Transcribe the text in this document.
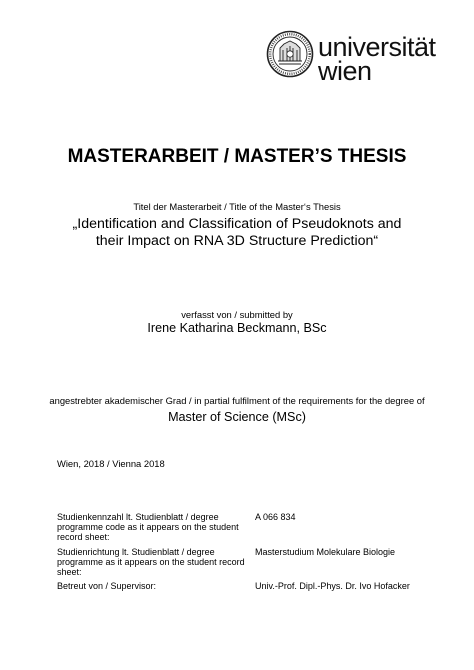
universität
wien
MASTERARBEIT / MASTER’S THESIS
Titel der Masterarbeit / Title of the Master‘s Thesis
„Identification and Classification of Pseudoknots and their Impact on RNA 3D Structure Prediction“
verfasst von / submitted by
Irene Katharina Beckmann, BSc
angestrebter akademischer Grad / in partial fulfilment of the requirements for the degree of
Master of Science (MSc)
Wien, 2018 / Vienna 2018
Studienkennzahl lt. Studienblatt / degree programme code as it appears on the student record sheet:
A 066 834
Studienrichtung lt. Studienblatt / degree programme as it appears on the student record sheet:
Masterstudium Molekulare Biologie
Betreut von / Supervisor:	Univ.-Prof. Dipl.-Phys. Dr. Ivo Hofacker
